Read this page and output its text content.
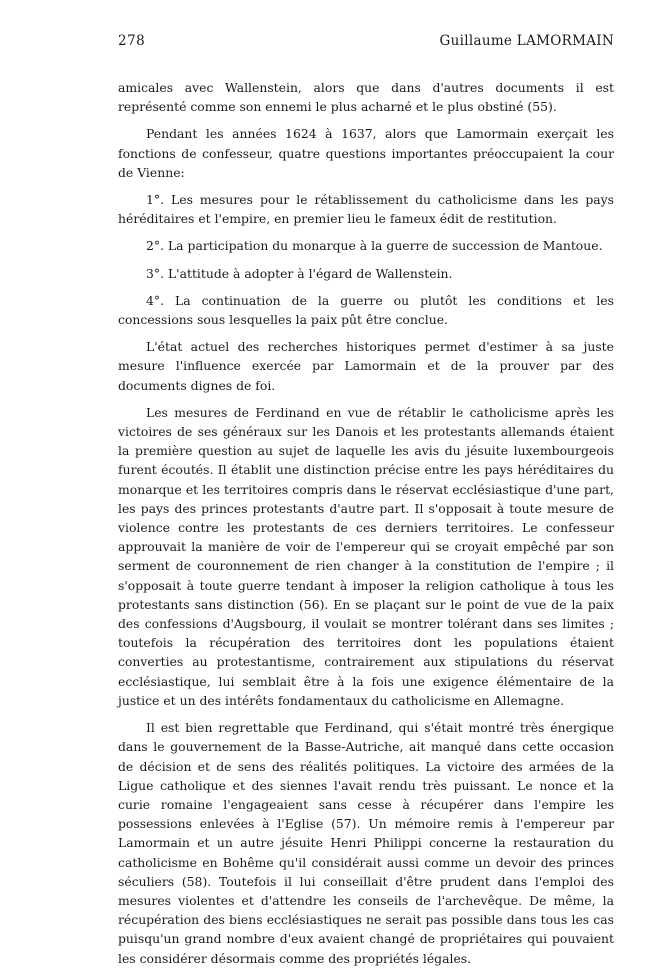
278	Guillaume LAMORMAIN

amicales avec Wallenstein, alors que dans d'autres documents il est représenté comme son ennemi le plus acharné et le plus obstiné (55).

Pendant les années 1624 à 1637, alors que Lamormain exerçait les fonctions de confesseur, quatre questions importantes préoccupaient la cour de Vienne:

1°. Les mesures pour le rétablissement du catholicisme dans les pays héréditaires et l'empire, en premier lieu le fameux édit de restitution.

2°. La participation du monarque à la guerre de succession de Mantoue.

3°. L'attitude à adopter à l'égard de Wallenstein.

4°. La continuation de la guerre ou plutôt les conditions et les concessions sous lesquelles la paix pût être conclue.

L'état actuel des recherches historiques permet d'estimer à sa juste mesure l'influence exercée par Lamormain et de la prouver par des documents dignes de foi.

Les mesures de Ferdinand en vue de rétablir le catholicisme après les victoires de ses généraux sur les Danois et les protestants allemands étaient la première question au sujet de laquelle les avis du jésuite luxembourgeois furent écoutés. Il établit une distinction précise entre les pays héréditaires du monarque et les territoires compris dans le réservat ecclésiastique d'une part, les pays des princes protestants d'autre part. Il s'opposait à toute mesure de violence contre les protestants de ces derniers territoires. Le confesseur approuvait la manière de voir de l'empereur qui se croyait empêché par son serment de couronnement de rien changer à la constitution de l'empire ; il s'opposait à toute guerre tendant à imposer la religion catholique à tous les protestants sans distinction (56). En se plaçant sur le point de vue de la paix des confessions d'Augsbourg, il voulait se montrer tolérant dans ses limites ; toutefois la récupération des territoires dont les populations étaient converties au protestantisme, contrairement aux stipulations du réservat ecclésiastique, lui semblait être à la fois une exigence élémentaire de la justice et un des intérêts fondamentaux du catholicisme en Allemagne.

Il est bien regrettable que Ferdinand, qui s'était montré très énergique dans le gouvernement de la Basse-Autriche, ait manqué dans cette occasion de décision et de sens des réalités politiques. La victoire des armées de la Ligue catholique et des siennes l'avait rendu très puissant. Le nonce et la curie romaine l'engageaient sans cesse à récupérer dans l'empire les possessions enlevées à l'Eglise (57). Un mémoire remis à l'empereur par Lamormain et un autre jésuite Henri Philippi concerne la restauration du catholicisme en Bohême qu'il considérait aussi comme un devoir des princes séculiers (58). Toutefois il lui conseillait d'être prudent dans l'emploi des mesures violentes et d'attendre les conseils de l'archevêque. De même, la récupération des biens ecclésiastiques ne serait pas possible dans tous les cas puisqu'un grand nombre d'eux avaient changé de propriétaires qui pouvaient les considérer désormais comme des propriétés légales.
